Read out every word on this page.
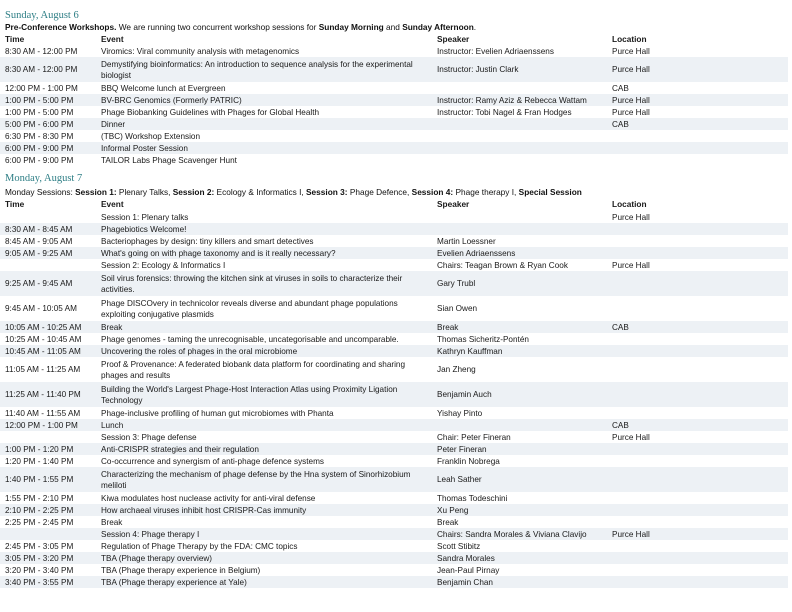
Sunday, August 6
Pre-Conference Workshops. We are running two concurrent workshop sessions for Sunday Morning and Sunday Afternoon.
Time	Event	Speaker	Location
8:30 AM - 12:00 PM	Viromics: Viral community analysis with metagenomics	Instructor: Evelien Adriaenssens	Purce Hall
8:30 AM - 12:00 PM	Demystifying bioinformatics: An introduction to sequence analysis for the experimental biologist	Instructor: Justin Clark	Purce Hall
12:00 PM - 1:00 PM	BBQ Welcome lunch at Evergreen		CAB
1:00 PM - 5:00 PM	BV-BRC Genomics (Formerly PATRIC)	Instructor: Ramy Aziz & Rebecca Wattam	Purce Hall
1:00 PM - 5:00 PM	Phage Biobanking Guidelines with Phages for Global Health	Instructor: Tobi Nagel & Fran Hodges	Purce Hall
5:00 PM - 6:00 PM	Dinner		CAB
6:30 PM - 8:30 PM	(TBC) Workshop Extension		
6:00 PM - 9:00 PM	Informal Poster Session		
6:00 PM - 9:00 PM	TAILOR Labs Phage Scavenger Hunt		
Monday, August 7
Monday Sessions: Session 1: Plenary Talks, Session 2: Ecology & Informatics I, Session 3: Phage Defence, Session 4: Phage therapy I, Special Session
Time	Event	Speaker	Location
	Session 1: Plenary talks		Purce Hall
8:30 AM - 8:45 AM	Phagebiotics Welcome!		
8:45 AM - 9:05 AM	Bacteriophages by design: tiny killers and smart detectives	Martin Loessner	
9:05 AM - 9:25 AM	What's going on with phage taxonomy and is it really necessary?	Evelien Adriaenssens	
	Session 2: Ecology & Informatics I	Chairs: Teagan Brown & Ryan Cook	Purce Hall
9:25 AM - 9:45 AM	Soil virus forensics: throwing the kitchen sink at viruses in soils to characterize their activities.	Gary Trubl	
9:45 AM - 10:05 AM	Phage DISCOvery in technicolor reveals diverse and abundant phage populations exploiting conjugative plasmids	Sian Owen	
10:05 AM - 10:25 AM	Break	Break	CAB
10:25 AM - 10:45 AM	Phage genomes - taming the unrecognisable, uncategorisable and uncomparable.	Thomas Sicheritz-Pontén	
10:45 AM - 11:05 AM	Uncovering the roles of phages in the oral microbiome	Kathryn Kauffman	
11:05 AM - 11:25 AM	Proof & Provenance: A federated biobank data platform for coordinating and sharing phages and results	Jan Zheng	
11:25 AM - 11:40 PM	Building the World's Largest Phage-Host Interaction Atlas using Proximity Ligation Technology	Benjamin Auch	
11:40 AM - 11:55 AM	Phage-inclusive profiling of human gut microbiomes with Phanta	Yishay Pinto	
12:00 PM - 1:00 PM	Lunch		CAB
	Session 3: Phage defense	Chair: Peter Fineran	Purce Hall
1:00 PM - 1:20 PM	Anti-CRISPR strategies and their regulation	Peter Fineran	
1:20 PM - 1:40 PM	Co-occurrence and synergism of anti-phage defence systems	Franklin Nobrega	
1:40 PM - 1:55 PM	Characterizing the mechanism of phage defense by the Hna system of Sinorhizobium meliloti	Leah Sather	
1:55 PM - 2:10 PM	Kiwa modulates host nuclease activity for anti-viral defense	Thomas Todeschini	
2:10 PM - 2:25 PM	How archaeal viruses inhibit host CRISPR-Cas immunity	Xu Peng	
2:25 PM - 2:45 PM	Break	Break	
	Session 4: Phage therapy I	Chairs: Sandra Morales & Viviana Clavijo	Purce Hall
2:45 PM - 3:05 PM	Regulation of Phage Therapy by the FDA: CMC topics	Scott Stibitz	
3:05 PM - 3:20 PM	TBA (Phage therapy overview)	Sandra Morales	
3:20 PM - 3:40 PM	TBA (Phage therapy experience in Belgium)	Jean-Paul Pirnay	
3:40 PM - 3:55 PM	TBA (Phage therapy experience at Yale)	Benjamin Chan	
